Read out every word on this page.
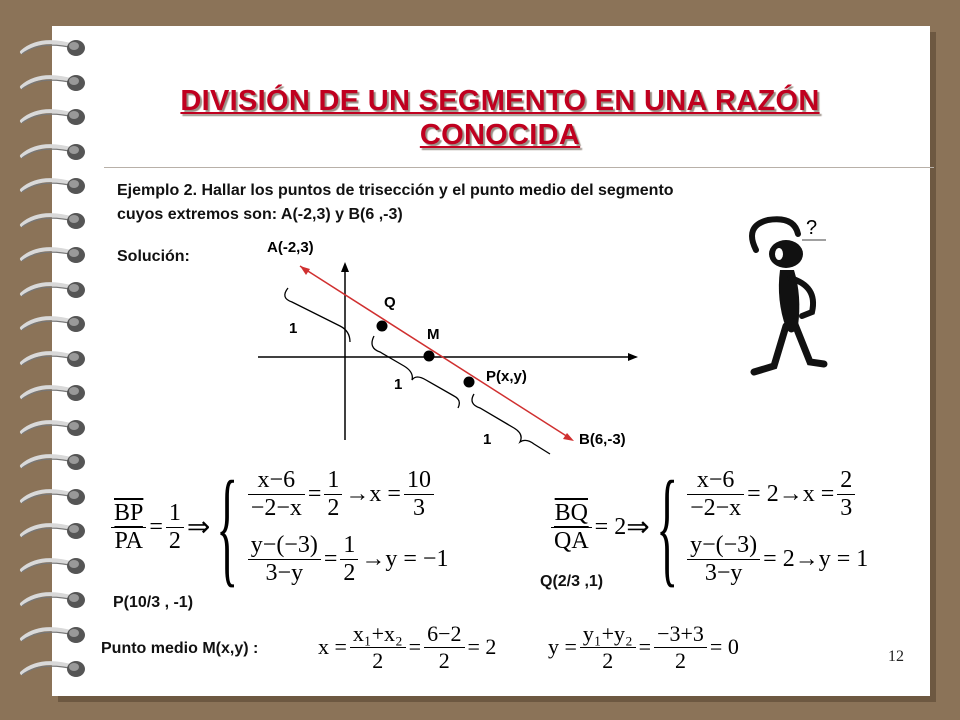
DIVISIÓN DE UN SEGMENTO EN UNA RAZÓN
CONOCIDA
Ejemplo 2. Hallar los puntos de trisección y el punto medio del segmento
cuyos extremos son: A(-2,3) y B(6 ,-3)
Solución:
A(-2,3)
Q
M
P(x,y)
B(6,-3)
1
1
1
?
$\frac{\overline{BP}}{PA} = \frac{1}{2}$ ⇒ { $\frac{x-6}{-2-x} = \frac{1}{2} \to x = \frac{10}{3}$
$\frac{y-(-3)}{3-y} = \frac{1}{2} \to y = -1$
$\frac{\overline{BQ}}{QA} = 2$ ⇒ { $\frac{x-6}{-2-x} = 2\to x = \frac{2}{3}$
$\frac{y-(-3)}{3-y} = 2\to y = 1$
P(10/3 , -1)
Q(2/3 ,1)
Punto medio M(x,y) :	$x = \frac{\text{x₁+x₂}}{2} = \frac{6-2}{2} = 2$ $y = \frac{\text{y₁+y₂}}{2} = \frac{-3+3}{2} = 0$	12
